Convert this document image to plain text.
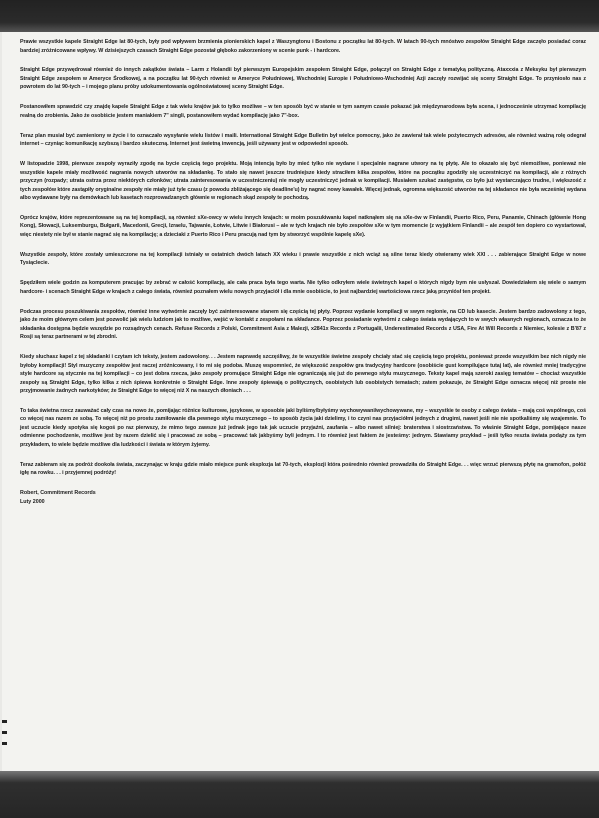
Prawie wszystkie kapele Straight Edge lat 80-tych, były pod wpływem brzmienia pionierskich kapel z Waszyngtonu i Bostonu z początku lat 80-tych. W latach 90-tych mnóstwo zespołów Straight Edge zaczęło posiadać coraz bardziej zróżnicowane wpływy. W dzisiejszych czasach Straight Edge pozostał głęboko zakorzeniony w scenie punk - i hardcore.

Straight Edge przywędrował również do innych zakątków świata – Larm z Holandii był pierwszym Europejskim zespołem Straight Edge, połączył on Straight Edge z tematyką polityczną. Ataxxxia z Meksyku był pierwszym Straight Edge zespołem w Ameryce Środkowej, a na początku lat 90-tych również w Ameryce Południowej, Wschodniej Europie i Południowo-Wschodniej Azji zaczęły rozwijać się sceny Straight Edge. To przyniosło nas z powrotem do lat 90-tych – i mojego planu próby udokumentowania ogólnoświatowej sceny Straight Edge.

Postanowiłem sprawdzić czy znajdę kapele Straight Edge z tak wielu krajów jak to tylko możliwe – w ten sposób być w stanie w tym samym czasie pokazać jak międzynarodowa była scena, i jednocześnie utrzymać kompilację realną do zrobienia. Jako że osobiście jestem maniakiem 7" singli, postanowiłem wydać kompilację jako 7"-box.

Teraz plan musiał być zamieniony w życie i to oznaczało wysyłanie wielu listów i maili. International Straight Edge Bulletin był wielce pomocny, jako że zawierał tak wiele pożytecznych adresów, ale również ważną rolę odegrał internet – czyniąc komunikację szybszą i bardzo skuteczną. Internet jest świetną inwencją, jeśli używany jest w odpowiedni sposób.

W listopadzie 1998, pierwsze zespoły wyraziły zgodę na bycie częścią tego projektu. Moją intencją było by mieć tylko nie wydane i specjalnie nagrane utwory na tę płytę. Ale to okazało się być niemożliwe, ponieważ nie wszystkie kapele miały możliwość nagrania nowych utworów na składankę. To stało się nawet jeszcze trudniejsze kiedy straciłem kilka zespołów, które na początku zgodziły się uczestniczyć na kompilacji, ale z różnych przyczyn (rozpady; utrata ostrza przez niektórych członków; utrata zainteresowania w uczestniczeniu) nie mogły uczestniczyć jednak w kompilacji. Musiałem szukać zastępstw, co było już wystarczająco trudne, i większość z tych zespołów które zastąpiły oryginalne zespoły nie miały już tyle czasu (z powodu zbliżającego się deadline'u) by nagrać nowy kawałek. Więcej jednak, ogromna większość utworów na tej składance nie była wcześniej wydana albo wydawane były na demówkach lub kasetach rozprowadzanych głównie w regionach skąd zespoły te pochodzą.

Oprócz krajów, które reprezentowane są na tej kompilacji, są również sXe-owcy w wielu innych krajach: w moim poszukiwaniu kapel natknąłem się na sXe-ów w Finlandii, Puerto Rico, Peru, Panamie, Chinach (głównie Hong Kong), Słowacji, Luksemburgu, Bułgarii, Macedonii, Grecji, Izraelu, Tajwanie, Łotwie, Litwie i Białorusi – ale w tych krajach nie było zespołów sXe w tym momencie (z wyjątkiem Finlandii – ale zespół ten dopiero co wystartował, więc niestety nie był w stanie nagrać się na kompilację; a dzieciaki z Puerto Rico i Peru pracują nad tym by stworzyć wspólnie kapelę sXe).

Wszystkie zespoły, które zostały umieszczone na tej kompilacji istniały w ostatnich dwóch latach XX wieku i prawie wszystkie z nich wciąż są silne teraz kiedy otwieramy wiek XXI . . . zabierające Straight Edge w nowe Tysiąclecie.

Spędziłem wiele godzin za komputerem pracując by zebrać w całość kompilację, ale cała praca była tego warta. Nie tylko odkryłem wiele świetnych kapel o których nigdy bym nie usłyszał. Dowiedziałem się wiele o samym hardcore- i scenach Straight Edge w krajach z całego świata, również poznałem wielu nowych przyjaciół i dla mnie osobiście, to jest najbardziej wartościowa rzecz jaką przyniósł ten projekt.

Podczas procesu poszukiwania zespołów, również inne wytwórnie zaczęły być zainteresowane stanem się częścią tej płyty. Poprzez wydanie kompilacji w swym regionie, na CD lub kasecie. Jestem bardzo zadowolony z tego, jako że moim głównym celem jest pozwolić jak wielu ludziom jak to możliwe, wejść w kontakt z zespołami na składance. Poprzez posiadanie wytwórni z całego świata wydających to w swych własnych regionach, oznacza to że składanka dostępna będzie wszędzie po rozsądnych cenach. Refuse Records z Polski, Commitment Asia z Malezji, x2841x Records z Portugalii, Underestimated Records z USA, Fire At Will Records z Niemiec, kolesie z B'87 z Rosji są teraz partnerami w tej zbrodni.

Kiedy słuchasz kapel z tej składanki i czytam ich teksty, jestem zadowolony. . . Jestem naprawdę szczęśliwy, że te wszystkie świetne zespoły chciały stać się częścią tego projektu, ponieważ przede wszystkim bez nich nigdy nie byłoby kompilacji! Styl muzyczny zespołów jest raczej zróżnicowany, i to mi się podoba. Muszę wspomnieć, że większość zespołów gra tradycyjny hardcore (osobiście gust kompilujące tutaj lat), ale również mniej tradycyjne style hardcore są stycznie na tej kompilacji – co jest dobra rzecza, jako zespoły promujące Straight Edge nie ograniczają się już do pewnego stylu muzycznego. Teksty kapel mają szeroki zasięg tematów – chociaż wszystkie zespoły są Straight Edge, tylko kilka z nich śpiewa konkretnie o Straight Edge. Inne zespoły śpiewają o politycznych, osobistych lub osobistych tematach; zatem pokazuje, że Straight Edge oznacza więcej niż proste nie przyjmowanie żadnych narkotyków; że Straight Edge to więcej niż X na naszych dłoniach . . .

To taka świetna rzecz zauważać cały czas na nowo że, pomijając różnice kulturowe, językowe, w sposobie jaki byliśmy/byłyśmy wychowywani/wychowywane, my – wszystkie te osoby z całego świata – mają coś wspólnego, coś co więcej nas razem ze sobą. To więcej niż po prostu zamiłowanie dla pewnego stylu muzycznego – to sposób życia jaki dzielimy, i to czyni nas przyjaciółmi jednych z drugimi, nawet jeśli nie nie spotkaliśmy się wzajemnie. To jest uczucie kiedy spotyka się kogoś po raz pierwszy, że mimo tego zawsze już jednak jego tak jak uczucie przyjaźni, zaufania – albo nawet silniej: braterstwa i siostrzaństwa. To właśnie Straight Edge, pomijające nasze odmienne pochodzenie, możliwe jest by razem dzielić się i pracować ze sobą – pracować tak jakbyśmy byli jednym. I to również jest faktem że jesteśmy: jednym. Stawiamy przykład – jeśli tylko reszta świata podąży za tym przykładem, to wiele będzie możliwe dla ludzkości i świata w którym żyjemy.

Teraz zabieram się za podróż dookoła świata, zaczynając w kraju gdzie miało miejsce punk eksplozja lat 70-tych, eksplozji która pośrednio również prowadziła do Straight Edge. . . więc wrzuć pierwszą płytę na gramofon, połóż igłę na rowku. . . i przyjemnej podróży!

Robert, Commitment Records
Luty 2000
